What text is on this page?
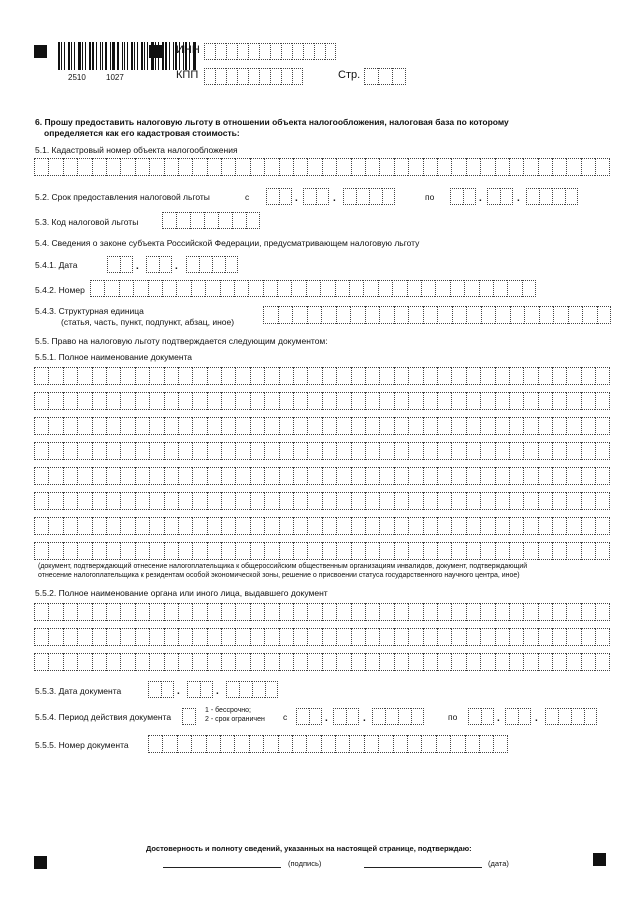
2510	1027
ИНН
КПП	Стр.
6. Прошу предоставить налоговую льготу в отношении объекта налогообложения, налоговая база по которому
определяется как его кадастровая стоимость:
5.1. Кадастровый номер объекта налогообложения
5.2. Срок предоставления налоговой льготы	с	.	.	по	.	.
5.3. Код налоговой льготы
5.4. Сведения о законе субъекта Российской Федерации, предусматривающем налоговую льготу
5.4.1. Дата	.	.
5.4.2. Номер
5.4.3. Структурная единица
(статья, часть, пункт, подпункт, абзац, иное)
5.5. Право на налоговую льготу подтверждается следующим документом:
5.5.1. Полное наименование документа
(документ, подтверждающий отнесение налогоплательщика к общероссийским общественным организациям инвалидов, документ, подтверждающий
отнесение налогоплательщика к резидентам особой экономической зоны, решение о присвоении статуса государственного научного центра, иное)
5.5.2. Полное наименование органа или иного лица, выдавшего документ
5.5.3. Дата документа	.	.
5.5.4. Период действия документа
1 - бессрочно;
2 - срок ограничен с	.	.	по	.	.
5.5.5. Номер документа
Достоверность и полноту сведений, указанных на настоящей странице, подтверждаю:
(подпись)	(дата)
